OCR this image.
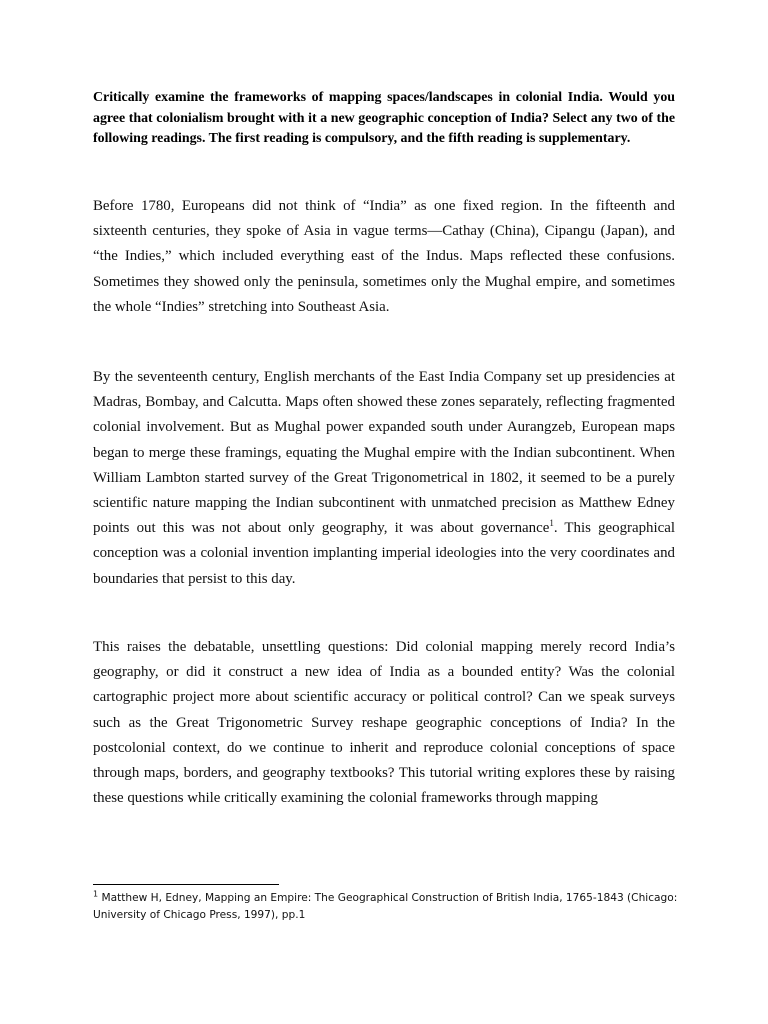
Critically examine the frameworks of mapping spaces/landscapes in colonial India. Would you agree that colonialism brought with it a new geographic conception of India? Select any two of the following readings. The first reading is compulsory, and the fifth reading is supplementary.

Before 1780, Europeans did not think of “India” as one fixed region. In the fifteenth and sixteenth centuries, they spoke of Asia in vague terms—Cathay (China), Cipangu (Japan), and “the Indies,” which included everything east of the Indus. Maps reflected these confusions. Sometimes they showed only the peninsula, sometimes only the Mughal empire, and sometimes the whole “Indies” stretching into Southeast Asia.

By the seventeenth century, English merchants of the East India Company set up presidencies at Madras, Bombay, and Calcutta. Maps often showed these zones separately, reflecting fragmented colonial involvement. But as Mughal power expanded south under Aurangzeb, European maps began to merge these framings, equating the Mughal empire with the Indian subcontinent. When William Lambton started survey of the Great Trigonometrical in 1802, it seemed to be a purely scientific nature mapping the Indian subcontinent with unmatched precision as Matthew Edney points out this was not about only geography, it was about governance$^1$. This geographical conception was a colonial invention implanting imperial ideologies into the very coordinates and boundaries that persist to this day.

This raises the debatable, unsettling questions: Did colonial mapping merely record India’s geography, or did it construct a new idea of India as a bounded entity? Was the colonial cartographic project more about scientific accuracy or political control? Can we speak surveys such as the Great Trigonometric Survey reshape geographic conceptions of India? In the postcolonial context, do we continue to inherit and reproduce colonial conceptions of space through maps, borders, and geography textbooks? This tutorial writing explores these by raising these questions while critically examining the colonial frameworks through mapping

$^1$ Matthew H, Edney, Mapping an Empire: The Geographical Construction of British India, 1765-1843 (Chicago: University of Chicago Press, 1997), pp.1
